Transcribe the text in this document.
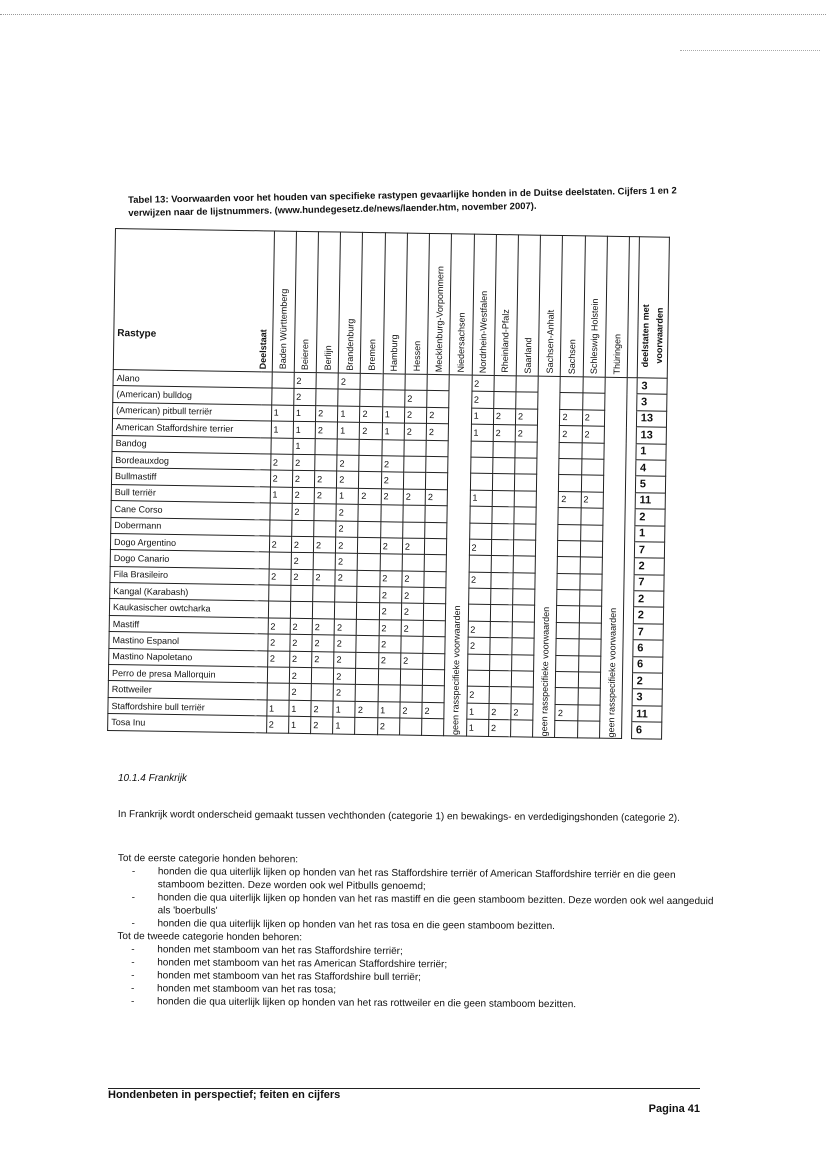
Tabel 13: Voorwaarden voor het houden van specifieke rastypen gevaarlijke honden in de Duitse deelstaten. Cijfers 1 en 2 verwijzen naar de lijstnummers. (www.hundegesetz.de/news/laender.htm, november 2007).
Deelstaat
Rastype	Baden Württemberg	Beieren	Berlijn	Brandenburg	Bremen	Hamburg	Hessen	Mecklenburg-Vorpommern	Niedersachsen	Nordrhein-Westfalen	Rheinland-Pfalz	Saarland	Sachsen-Anhalt	Sachsen	Schleswig Holstein	Thüringen		deelstaten met voorwaarden

Alano		2		2					geen rasspecifieke voorwaarden	2			geen rasspecifieke voorwaarden			geen rasspecifieke voorwaarden		3
(American) bulldog		2					2			2								3
(American) pitbull terriër	1	1	2	1	2	1	2	2		1	2	2		2	2			13
American Staffordshire terrier	1	1	2	1	2	1	2	2		1	2	2		2	2			13
Bandog		1																1
Bordeauxdog	2	2		2		2												4
Bullmastiff	2	2	2	2		2												5
Bull terriër	1	2	2	1	2	2	2	2		1				2	2			11
Cane Corso		2		2														2
Dobermann				2														1
Dogo Argentino	2	2	2	2		2	2			2								7
Dogo Canario		2		2														2
Fila Brasileiro	2	2	2	2		2	2			2								7
Kangal (Karabash)						2	2											2
Kaukasischer owtcharka						2	2											2
Mastiff	2	2	2	2		2	2			2								7
Mastino Espanol	2	2	2	2		2				2								6
Mastino Napoletano	2	2	2	2		2	2											6
Perro de presa Mallorquin		2		2														2
Rottweiler		2		2						2								3
Staffordshire bull terriër	1	1	2	1	2	1	2	2		1	2	2		2				11
Tosa Inu	2	1	2	1		2				1	2							6
10.1.4 Frankrijk
In Frankrijk wordt onderscheid gemaakt tussen vechthonden (categorie 1) en bewakings- en verdedigingshonden (categorie 2).
Tot de eerste categorie honden behoren:
- honden die qua uiterlijk lijken op honden van het ras Staffordshire terriër of American Staffordshire terriër en die geen stamboom bezitten. Deze worden ook wel Pitbulls genoemd;
- honden die qua uiterlijk lijken op honden van het ras mastiff en die geen stamboom bezitten. Deze worden ook wel aangeduid als 'boerbulls'
- honden die qua uiterlijk lijken op honden van het ras tosa en die geen stamboom bezitten.
Tot de tweede categorie honden behoren:
- honden met stamboom van het ras Staffordshire terriër;
- honden met stamboom van het ras American Staffordshire terriër;
- honden met stamboom van het ras Staffordshire bull terriër;
- honden met stamboom van het ras tosa;
- honden die qua uiterlijk lijken op honden van het ras rottweiler en die geen stamboom bezitten.
Hondenbeten in perspectief; feiten en cijfers
Pagina 41
